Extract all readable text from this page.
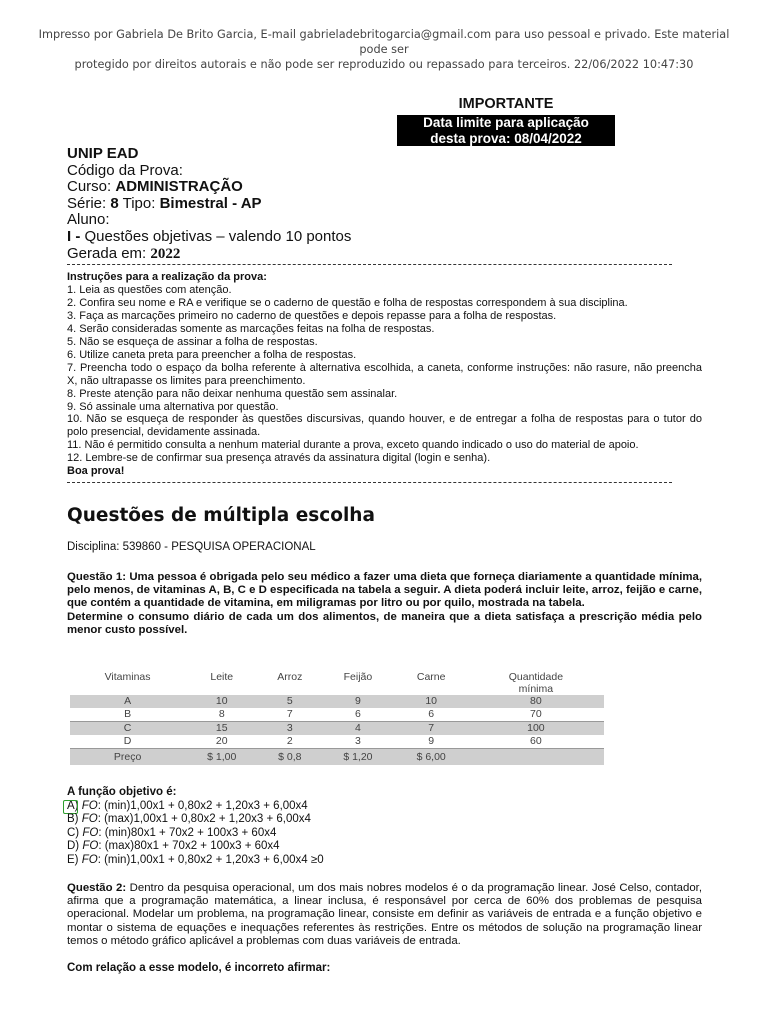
Impresso por Gabriela De Brito Garcia, E-mail gabrieladebritogarcia@gmail.com para uso pessoal e privado. Este material pode ser
protegido por direitos autorais e não pode ser reproduzido ou repassado para terceiros. 22/06/2022 10:47:30
IMPORTANTE
Data limite para aplicação
desta prova: 08/04/2022
UNIP EAD
Código da Prova:
Curso: ADMINISTRAÇÃO
Série: 8 Tipo: Bimestral - AP
Aluno:
I - Questões objetivas – valendo 10 pontos
Gerada em: 2022

Instruções para a realização da prova:

1. Leia as questões com atenção.

2. Confira seu nome e RA e verifique se o caderno de questão e folha de respostas correspondem à sua disciplina.

3. Faça as marcações primeiro no caderno de questões e depois repasse para a folha de respostas.

4. Serão consideradas somente as marcações feitas na folha de respostas.

5. Não se esqueça de assinar a folha de respostas.

6. Utilize caneta preta para preencher a folha de respostas.

7. Preencha todo o espaço da bolha referente à alternativa escolhida, a caneta, conforme instruções: não rasure, não preencha X, não ultrapasse os limites para preenchimento.

8. Preste atenção para não deixar nenhuma questão sem assinalar.

9. Só assinale uma alternativa por questão.

10. Não se esqueça de responder às questões discursivas, quando houver, e de entregar a folha de respostas para o tutor do polo presencial, devidamente assinada.

11. Não é permitido consulta a nenhum material durante a prova, exceto quando indicado o uso do material de apoio.

12. Lembre-se de confirmar sua presença através da assinatura digital (login e senha).

Boa prova!

Questões de múltipla escolha
Disciplina: 539860 - PESQUISA OPERACIONAL

Questão 1: Uma pessoa é obrigada pelo seu médico a fazer uma dieta que forneça diariamente a quantidade mínima, pelo menos, de vitaminas A, B, C e D especificada na tabela a seguir. A dieta poderá incluir leite, arroz, feijão e carne, que contém a quantidade de vitamina, em miligramas por litro ou por quilo, mostrada na tabela.

Determine o consumo diário de cada um dos alimentos, de maneira que a dieta satisfaça a prescrição média pelo menor custo possível.

Vitaminas	Leite	Arroz	Feijão	Carne	Quantidade
					mínima
A	10	5	9	10	80
B	8	7	6	6	70
C	15	3	4	7	100
D	20	2	3	9	60
Preço	$ 1,00	$ 0,8	$ 1,20	$ 6,00	
A função objetivo é:
A) FO: (min)1,00x1 + 0,80x2 + 1,20x3 + 6,00x4
B) FO: (max)1,00x1 + 0,80x2 + 1,20x3 + 6,00x4
C) FO: (min)80x1 + 70x2 + 100x3 + 60x4
D) FO: (max)80x1 + 70x2 + 100x3 + 60x4
E) FO: (min)1,00x1 + 0,80x2 + 1,20x3 + 6,00x4 ≥0

Questão 2: Dentro da pesquisa operacional, um dos mais nobres modelos é o da programação linear. José Celso, contador, afirma que a programação matemática, a linear inclusa, é responsável por cerca de 60% dos problemas de pesquisa operacional. Modelar um problema, na programação linear, consiste em definir as variáveis de entrada e a função objetivo e montar o sistema de equações e inequações referentes às restrições. Entre os métodos de solução na programação linear temos o método gráfico aplicável a problemas com duas variáveis de entrada.

Com relação a esse modelo, é incorreto afirmar:
